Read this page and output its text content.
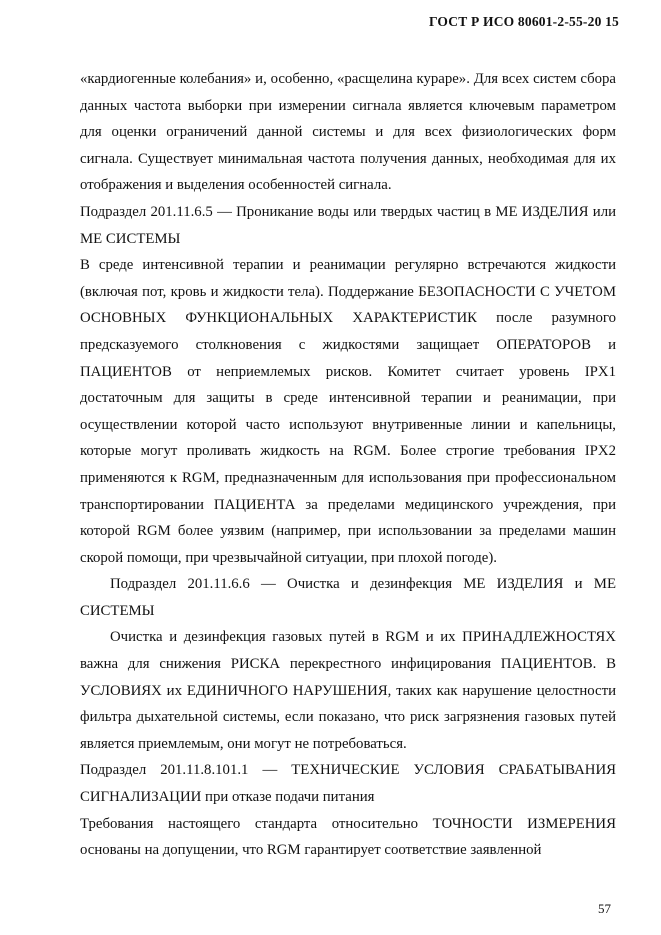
ГОСТ Р ИСО 80601-2-55-20 15

«кардиогенные колебания» и, особенно, «расщелина кураре». Для всех систем сбора данных частота выборки при измерении сигнала является ключевым параметром для оценки ограничений данной системы и для всех физиологических форм сигнала. Существует минимальная частота получения данных, необходимая для их отображения и выделения особенностей сигнала.

Подраздел 201.11.6.5 — Проникание воды или твердых частиц в МЕ ИЗДЕЛИЯ или МЕ СИСТЕМЫ

В среде интенсивной терапии и реанимации регулярно встречаются жидкости (включая пот, кровь и жидкости тела). Поддержание БЕЗОПАСНОСТИ С УЧЕТОМ ОСНОВНЫХ ФУНКЦИОНАЛЬНЫХ ХАРАКТЕРИСТИК после разумного предсказуемого столкновения с жидкостями защищает ОПЕРАТОРОВ и ПАЦИЕНТОВ от неприемлемых рисков. Комитет считает уровень IPX1 достаточным для защиты в среде интенсивной терапии и реанимации, при осуществлении которой часто используют внутривенные линии и капельницы, которые могут проливать жидкость на RGM. Более строгие требования IPX2 применяются к RGM, предназначенным для использования при профессиональном транспортировании ПАЦИЕНТА за пределами медицинского учреждения, при которой RGM более уязвим (например, при использовании за пределами машин скорой помощи, при чрезвычайной ситуации, при плохой погоде).

Подраздел 201.11.6.6 — Очистка и дезинфекция МЕ ИЗДЕЛИЯ и МЕ СИСТЕМЫ

Очистка и дезинфекция газовых путей в RGM и их ПРИНАДЛЕЖНОСТЯХ важна для снижения РИСКА перекрестного инфицирования ПАЦИЕНТОВ. В УСЛОВИЯХ их ЕДИНИЧНОГО НАРУШЕНИЯ, таких как нарушение целостности фильтра дыхательной системы, если показано, что риск загрязнения газовых путей является приемлемым, они могут не потребоваться.

Подраздел 201.11.8.101.1 — ТЕХНИЧЕСКИЕ УСЛОВИЯ СРАБАТЫВАНИЯ СИГНАЛИЗАЦИИ при отказе подачи питания

Требования настоящего стандарта относительно ТОЧНОСТИ ИЗМЕРЕНИЯ основаны на допущении, что RGM гарантирует соответствие заявленной

57
